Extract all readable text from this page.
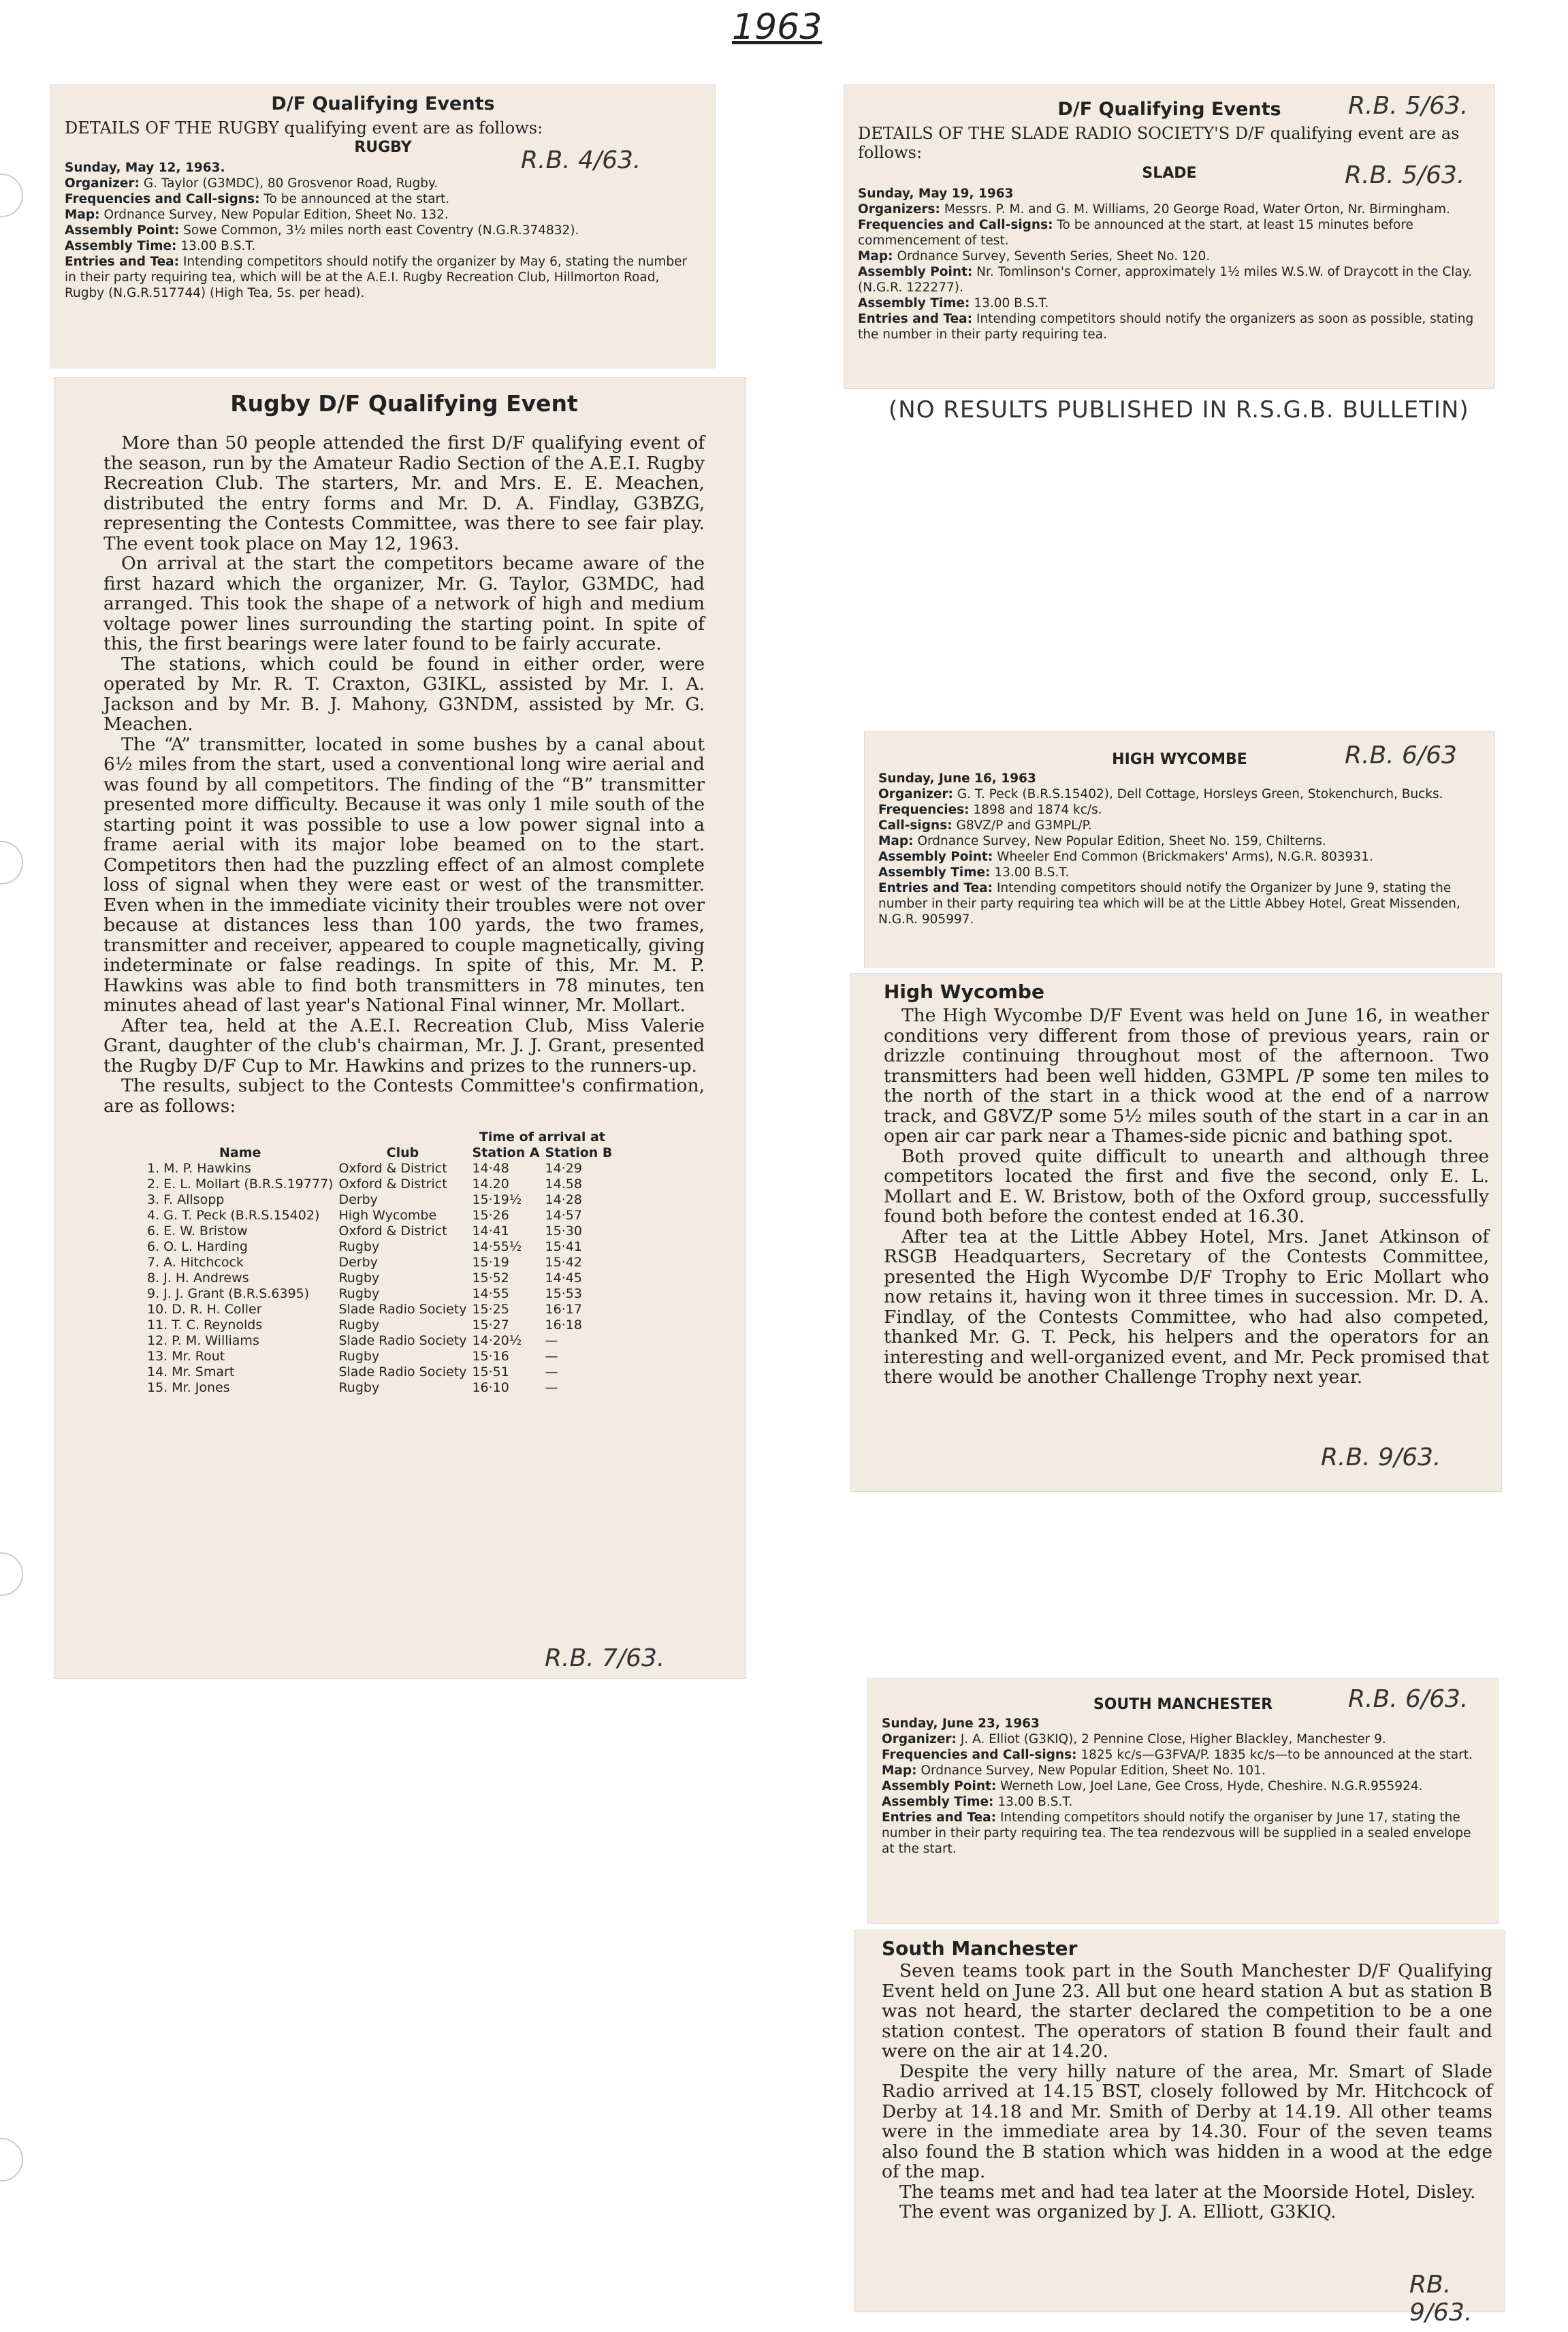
1963

D/F Qualifying Events

DETAILS OF THE RUGBY qualifying event are as follows:

RUGBY

Sunday, May 12, 1963.

Organizer: G. Taylor (G3MDC), 80 Grosvenor Road, Rugby.

Frequencies and Call-signs: To be announced at the start.

Map: Ordnance Survey, New Popular Edition, Sheet No. 132.

Assembly Point: Sowe Common, 3½ miles north east Coventry (N.G.R.374832).

Assembly Time: 13.00 B.S.T.

Entries and Tea: Intending competitors should notify the organizer by May 6, stating the number in their party requiring tea, which will be at the A.E.I. Rugby Recreation Club, Hillmorton Road, Rugby (N.G.R.517744) (High Tea, 5s. per head).

R.B. 4/63.

D/F Qualifying Events	R.B. 5/63.

DETAILS OF THE SLADE RADIO SOCIETY'S D/F qualifying event are as follows:

SLADE	R.B. 5/63.

Sunday, May 19, 1963

Organizers: Messrs. P. M. and G. M. Williams, 20 George Road, Water Orton, Nr. Birmingham.

Frequencies and Call-signs: To be announced at the start, at least 15 minutes before commencement of test.

Map: Ordnance Survey, Seventh Series, Sheet No. 120.

Assembly Point: Nr. Tomlinson's Corner, approximately 1½ miles W.S.W. of Draycott in the Clay. (N.G.R. 122277).

Assembly Time: 13.00 B.S.T.

Entries and Tea: Intending competitors should notify the organizers as soon as possible, stating the number in their party requiring tea.

(NO RESULTS PUBLISHED IN R.S.G.B. BULLETIN)

Rugby D/F Qualifying Event

More than 50 people attended the first D/F qualifying event of the season, run by the Amateur Radio Section of the A.E.I. Rugby Recreation Club. The starters, Mr. and Mrs. E. E. Meachen, distributed the entry forms and Mr. D. A. Findlay, G3BZG, representing the Contests Committee, was there to see fair play. The event took place on May 12, 1963.

On arrival at the start the competitors became aware of the first hazard which the organizer, Mr. G. Taylor, G3MDC, had arranged. This took the shape of a network of high and medium voltage power lines surrounding the starting point. In spite of this, the first bearings were later found to be fairly accurate.

The stations, which could be found in either order, were operated by Mr. R. T. Craxton, G3IKL, assisted by Mr. I. A. Jackson and by Mr. B. J. Mahony, G3NDM, assisted by Mr. G. Meachen.

The “A” transmitter, located in some bushes by a canal about 6½ miles from the start, used a conventional long wire aerial and was found by all competitors. The finding of the “B” transmitter presented more difficulty. Because it was only 1 mile south of the starting point it was possible to use a low power signal into a frame aerial with its major lobe beamed on to the start. Competitors then had the puzzling effect of an almost complete loss of signal when they were east or west of the transmitter. Even when in the immediate vicinity their troubles were not over because at distances less than 100 yards, the two frames, transmitter and receiver, appeared to couple magnetically, giving indeterminate or false readings. In spite of this, Mr. M. P. Hawkins was able to find both transmitters in 78 minutes, ten minutes ahead of last year's National Final winner, Mr. Mollart.

After tea, held at the A.E.I. Recreation Club, Miss Valerie Grant, daughter of the club's chairman, Mr. J. J. Grant, presented the Rugby D/F Cup to Mr. Hawkins and prizes to the runners-up.

The results, subject to the Contests Committee's confirmation, are as follows:

		Time of arrival at	
Name	Club	Station A	Station B
1. M. P. Hawkins	Oxford & District	14·48	14·29
2. E. L. Mollart (B.R.S.19777)	Oxford & District	14.20	14.58
3. F. Allsopp	Derby	15·19½	14·28
4. G. T. Peck (B.R.S.15402)	High Wycombe	15·26	14·57
6. E. W. Bristow	Oxford & District	14·41	15·30
6. O. L. Harding	Rugby	14·55½	15·41
7. A. Hitchcock	Derby	15·19	15·42
8. J. H. Andrews	Rugby	15·52	14·45
9. J. J. Grant (B.R.S.6395)	Rugby	14·55	15·53
10. D. R. H. Coller	Slade Radio Society	15·25	16·17
11. T. C. Reynolds	Rugby	15·27	16·18
12. P. M. Williams	Slade Radio Society	14·20½	—
13. Mr. Rout	Rugby	15·16	—
14. Mr. Smart	Slade Radio Society	15·51	—
15. Mr. Jones	Rugby	16·10	—
R.B. 7/63.

HIGH WYCOMBE	R.B. 6/63

Sunday, June 16, 1963

Organizer: G. T. Peck (B.R.S.15402), Dell Cottage, Horsleys Green, Stokenchurch, Bucks.

Frequencies: 1898 and 1874 kc/s.

Call-signs: G8VZ/P and G3MPL/P.

Map: Ordnance Survey, New Popular Edition, Sheet No. 159, Chilterns.

Assembly Point: Wheeler End Common (Brickmakers' Arms), N.G.R. 803931.

Assembly Time: 13.00 B.S.T.

Entries and Tea: Intending competitors should notify the Organizer by June 9, stating the number in their party requiring tea which will be at the Little Abbey Hotel, Great Missenden, N.G.R. 905997.

High Wycombe

The High Wycombe D/F Event was held on June 16, in weather conditions very different from those of previous years, rain or drizzle continuing throughout most of the afternoon. Two transmitters had been well hidden, G3MPL /P some ten miles to the north of the start in a thick wood at the end of a narrow track, and G8VZ/P some 5½ miles south of the start in a car in an open air car park near a Thames-side picnic and bathing spot.

Both proved quite difficult to unearth and although three competitors located the first and five the second, only E. L. Mollart and E. W. Bristow, both of the Oxford group, successfully found both before the contest ended at 16.30.

After tea at the Little Abbey Hotel, Mrs. Janet Atkinson of RSGB Headquarters, Secretary of the Contests Committee, presented the High Wycombe D/F Trophy to Eric Mollart who now retains it, having won it three times in succession. Mr. D. A. Findlay, of the Contests Committee, who had also competed, thanked Mr. G. T. Peck, his helpers and the operators for an interesting and well-organized event, and Mr. Peck promised that there would be another Challenge Trophy next year.

R.B. 9/63.

SOUTH MANCHESTER	R.B. 6/63.

Sunday, June 23, 1963

Organizer: J. A. Elliot (G3KIQ), 2 Pennine Close, Higher Blackley, Manchester 9.

Frequencies and Call-signs: 1825 kc/s—G3FVA/P. 1835 kc/s—to be announced at the start.

Map: Ordnance Survey, New Popular Edition, Sheet No. 101.

Assembly Point: Werneth Low, Joel Lane, Gee Cross, Hyde, Cheshire. N.G.R.955924.

Assembly Time: 13.00 B.S.T.

Entries and Tea: Intending competitors should notify the organiser by June 17, stating the number in their party requiring tea. The tea rendezvous will be supplied in a sealed envelope at the start.

South Manchester

Seven teams took part in the South Manchester D/F Qualifying Event held on June 23. All but one heard station A but as station B was not heard, the starter declared the competition to be a one station contest. The operators of station B found their fault and were on the air at 14.20.

Despite the very hilly nature of the area, Mr. Smart of Slade Radio arrived at 14.15 BST, closely followed by Mr. Hitchcock of Derby at 14.18 and Mr. Smith of Derby at 14.19. All other teams were in the immediate area by 14.30. Four of the seven teams also found the B station which was hidden in a wood at the edge of the map.

The teams met and had tea later at the Moorside Hotel, Disley.

The event was organized by J. A. Elliott, G3KIQ.

RB. 9/63.
